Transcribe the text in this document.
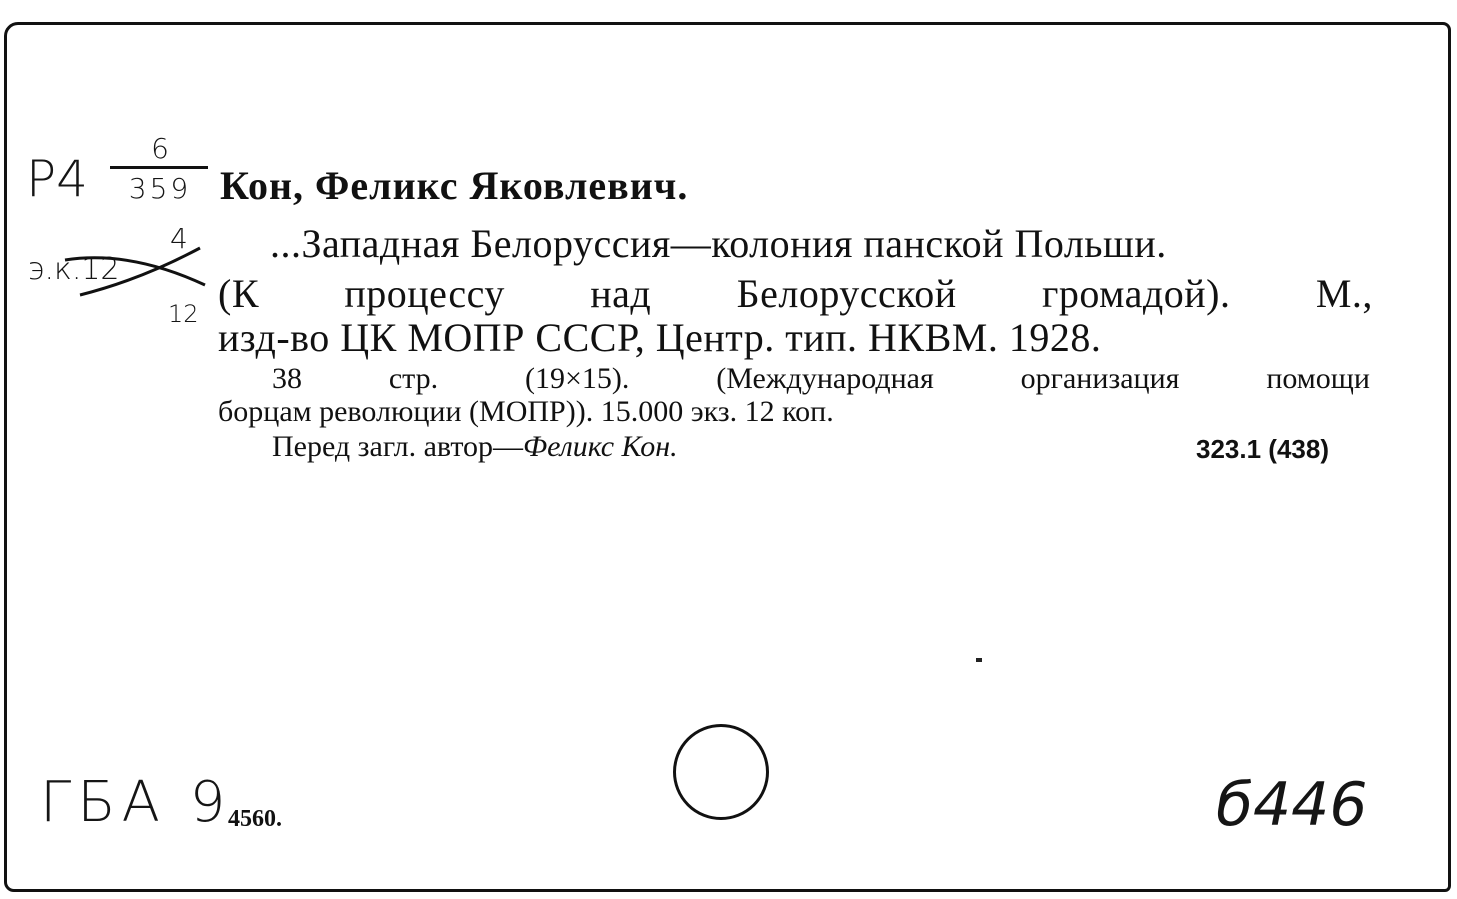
Р4
6
359
э.к.12
4
12
Кон, Феликс Яковлевич.
...Западная Белоруссия—колония панской Польши.
(К процессу над Белорусской громадой). М.,
изд-во ЦК МОПР СССР, Центр. тип. НКВМ. 1928.
38	стр.	(19×15).	(Международная	организация	помощи
борцам революции (МОПР)). 15.000 экз. 12 коп.
Перед загл. автор—Феликс Кон.	323.1 (438)
ГБА 9
4560.	б446
